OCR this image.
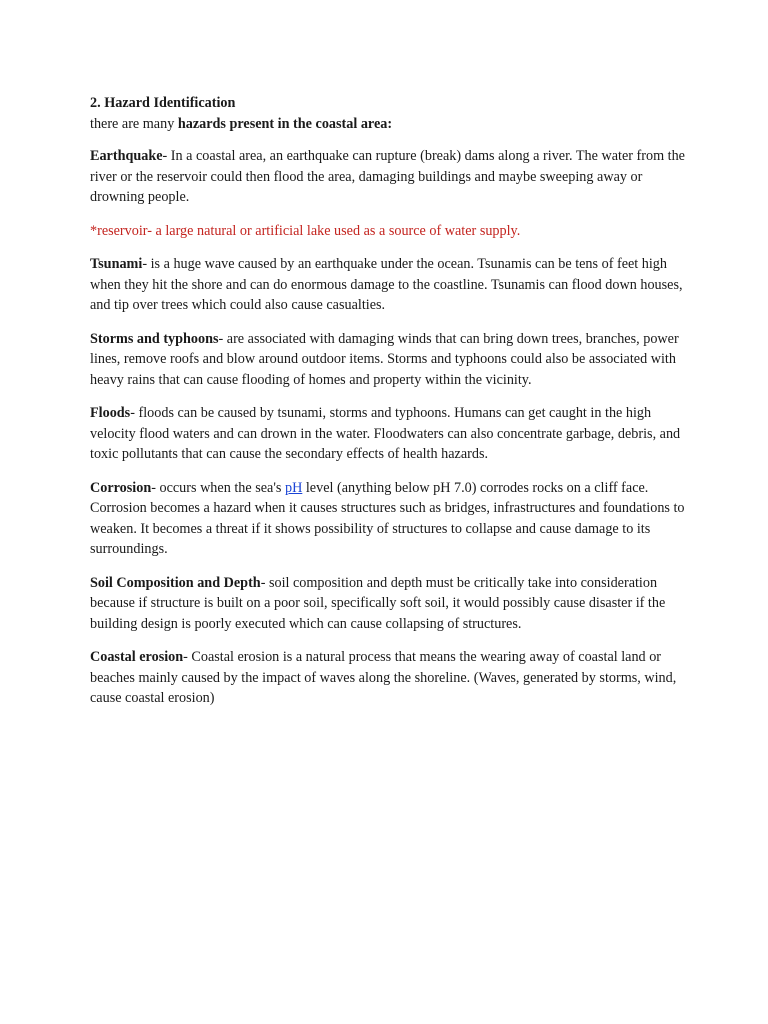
2. Hazard Identification
there are many hazards present in the coastal area:

Earthquake- In a coastal area, an earthquake can rupture (break) dams along a river. The water from the river or the reservoir could then flood the area, damaging buildings and maybe sweeping away or drowning people.

*reservoir- a large natural or artificial lake used as a source of water supply.

Tsunami- is a huge wave caused by an earthquake under the ocean. Tsunamis can be tens of feet high when they hit the shore and can do enormous damage to the coastline. Tsunamis can flood down houses, and tip over trees which could also cause casualties.

Storms and typhoons- are associated with damaging winds that can bring down trees, branches, power lines, remove roofs and blow around outdoor items. Storms and typhoons could also be associated with heavy rains that can cause flooding of homes and property within the vicinity.

Floods- floods can be caused by tsunami, storms and typhoons. Humans can get caught in the high velocity flood waters and can drown in the water. Floodwaters can also concentrate garbage, debris, and toxic pollutants that can cause the secondary effects of health hazards.

Corrosion- occurs when the sea's pH level (anything below pH 7.0) corrodes rocks on a cliff face. Corrosion becomes a hazard when it causes structures such as bridges, infrastructures and foundations to weaken. It becomes a threat if it shows possibility of structures to collapse and cause damage to its surroundings.

Soil Composition and Depth- soil composition and depth must be critically take into consideration because if structure is built on a poor soil, specifically soft soil, it would possibly cause disaster if the building design is poorly executed which can cause collapsing of structures.

Coastal erosion- Coastal erosion is a natural process that means the wearing away of coastal land or beaches mainly caused by the impact of waves along the shoreline. (Waves, generated by storms, wind, cause coastal erosion)
